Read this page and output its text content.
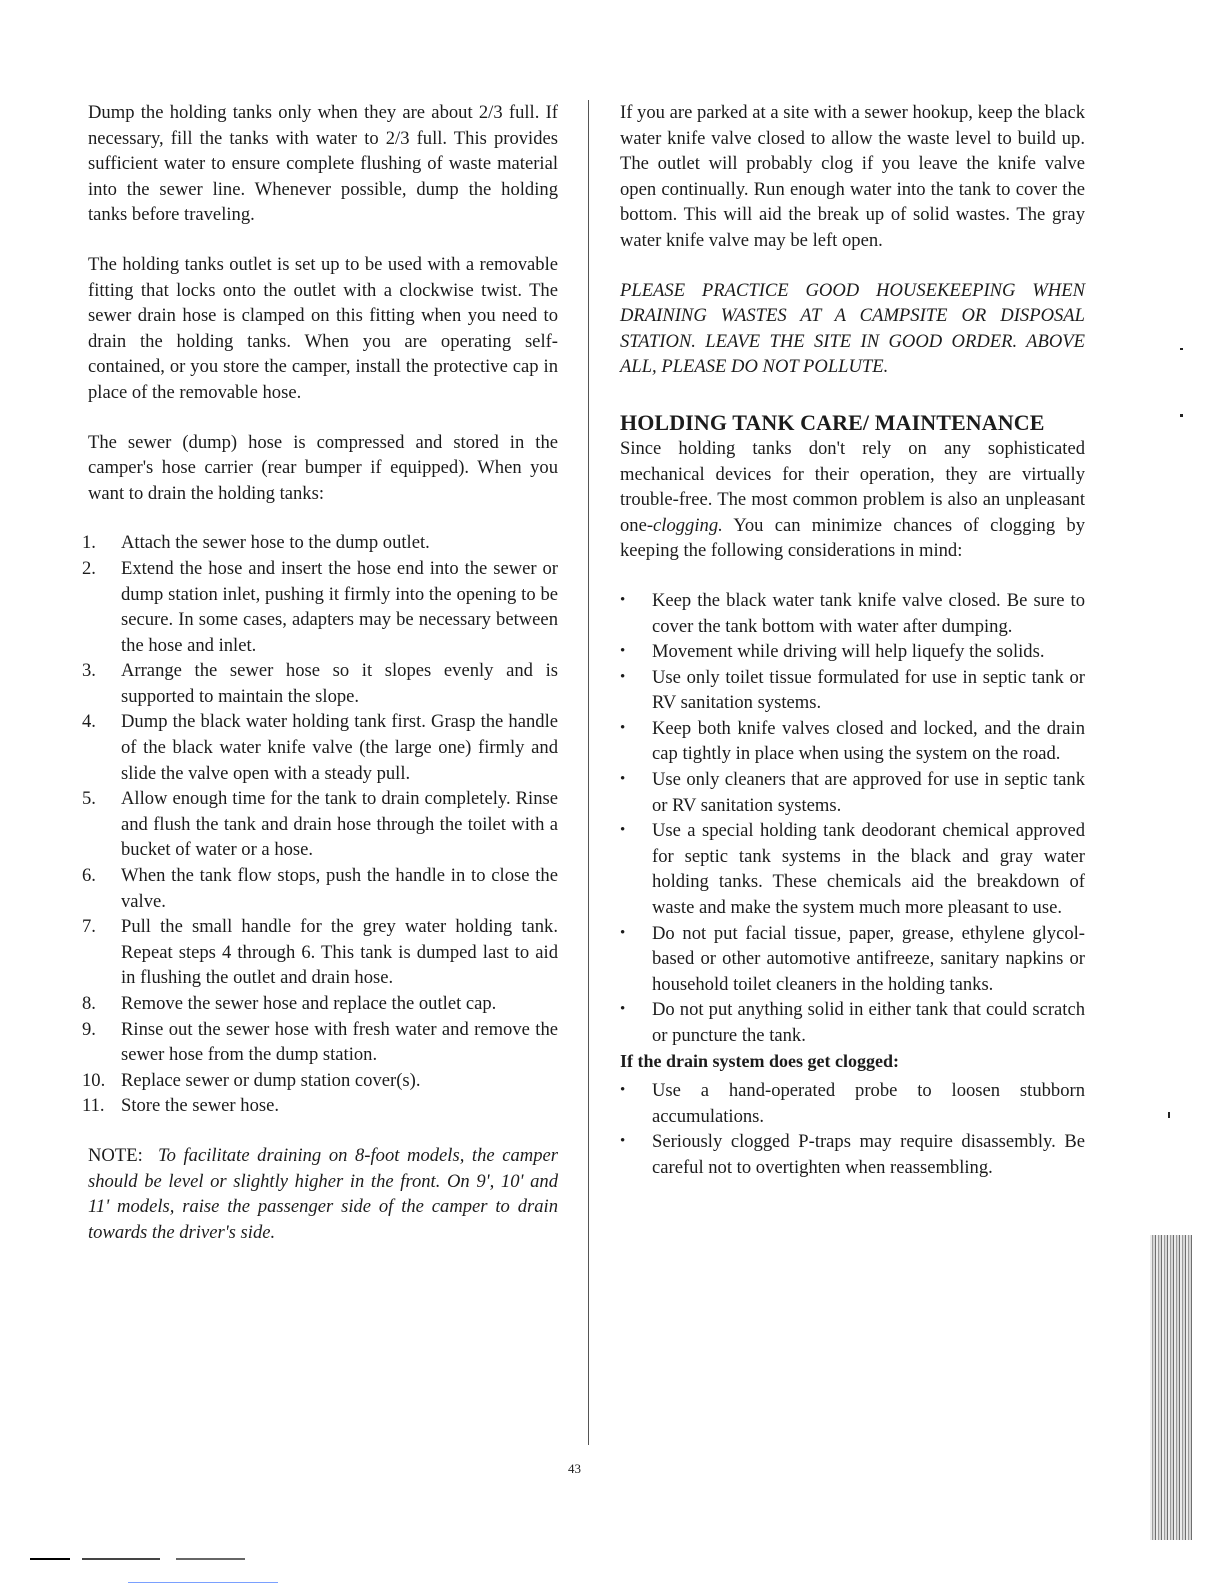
Dump the holding tanks only when they are about 2/3 full. If necessary, fill the tanks with water to 2/3 full. This provides sufficient water to ensure complete flushing of waste material into the sewer line. Whenever possible, dump the holding tanks before traveling.

The holding tanks outlet is set up to be used with a removable fitting that locks onto the outlet with a clockwise twist. The sewer drain hose is clamped on this fitting when you need to drain the holding tanks. When you are operating self-contained, or you store the camper, install the protective cap in place of the removable hose.

The sewer (dump) hose is compressed and stored in the camper's hose carrier (rear bumper if equipped). When you want to drain the holding tanks:

1.	Attach the sewer hose to the dump outlet.
2.	Extend the hose and insert the hose end into the sewer or dump station inlet, pushing it firmly into the opening to be secure. In some cases, adapters may be necessary between the hose and inlet.
3.	Arrange the sewer hose so it slopes evenly and is supported to maintain the slope.
4.	Dump the black water holding tank first. Grasp the handle of the black water knife valve (the large one) firmly and slide the valve open with a steady pull.
5.	Allow enough time for the tank to drain completely. Rinse and flush the tank and drain hose through the toilet with a bucket of water or a hose.
6.	When the tank flow stops, push the handle in to close the valve.
7.	Pull the small handle for the grey water holding tank. Repeat steps 4 through 6. This tank is dumped last to aid in flushing the outlet and drain hose.
8.	Remove the sewer hose and replace the outlet cap.
9.	Rinse out the sewer hose with fresh water and remove the sewer hose from the dump station.
10. Replace sewer or dump station cover(s).
11. Store the sewer hose.

NOTE: To facilitate draining on 8-foot models, the camper should be level or slightly higher in the front. On 9', 10' and 11' models, raise the passenger side of the camper to drain towards the driver's side.

If you are parked at a site with a sewer hookup, keep the black water knife valve closed to allow the waste level to build up. The outlet will probably clog if you leave the knife valve open continually. Run enough water into the tank to cover the bottom. This will aid the break up of solid wastes. The gray water knife valve may be left open.

PLEASE PRACTICE GOOD HOUSEKEEPING WHEN DRAINING WASTES AT A CAMPSITE OR DISPOSAL STATION. LEAVE THE SITE IN GOOD ORDER. ABOVE ALL, PLEASE DO NOT POLLUTE.

HOLDING TANK CARE/ MAINTENANCE

Since holding tanks don't rely on any sophisticated mechanical devices for their operation, they are virtually trouble-free. The most common problem is also an unpleasant one-clogging. You can minimize chances of clogging by keeping the following considerations in mind:

• Keep the black water tank knife valve closed. Be sure to cover the tank bottom with water after dumping.
• Movement while driving will help liquefy the solids.
• Use only toilet tissue formulated for use in septic tank or RV sanitation systems.
• Keep both knife valves closed and locked, and the drain cap tightly in place when using the system on the road.
• Use only cleaners that are approved for use in septic tank or RV sanitation systems.
• Use a special holding tank deodorant chemical approved for septic tank systems in the black and gray water holding tanks. These chemicals aid the breakdown of waste and make the system much more pleasant to use.
• Do not put facial tissue, paper, grease, ethylene glycol-based or other automotive antifreeze, sanitary napkins or household toilet cleaners in the holding tanks.
• Do not put anything solid in either tank that could scratch or puncture the tank.

If the drain system does get clogged:

• Use a hand-operated probe to loosen stubborn accumulations.
• Seriously clogged P-traps may require disassembly. Be careful not to overtighten when reassembling.
43
